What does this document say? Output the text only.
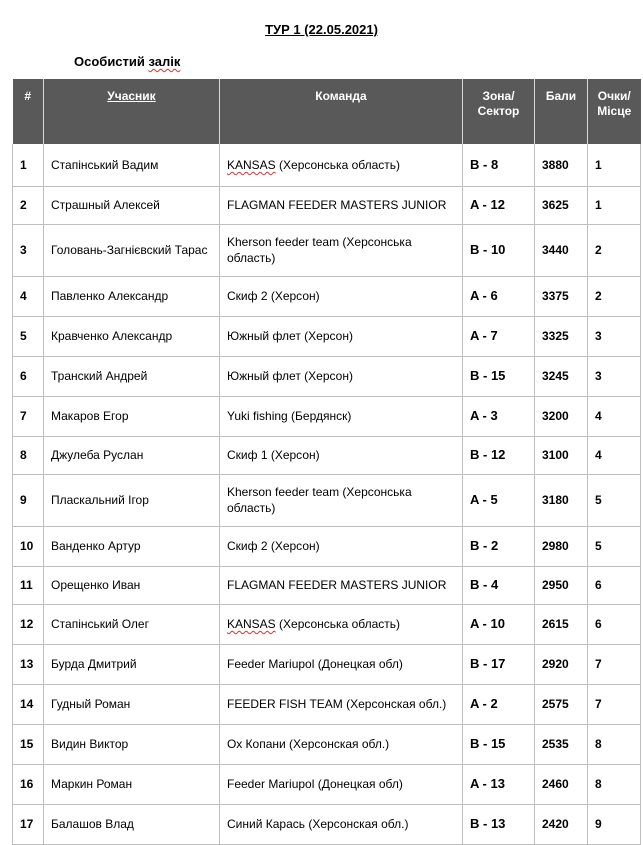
ТУР 1 (22.05.2021)
Особистий залік
#	Учасник	Команда	Зона/ Сектор	Бали	Очки/ Місце
1	Стапінський Вадим	KANSAS (Херсонська область)	B - 8	3880	1
2	Страшный Алексей	FLAGMAN FEEDER MASTERS JUNIOR	A - 12	3625	1
3	Головань-Загнієвский Тарас	Kherson feeder team (Херсонська область)	B - 10	3440	2
4	Павленко Александр	Скиф 2 (Херсон)	A - 6	3375	2
5	Кравченко Александр	Южный флет (Херсон)	A - 7	3325	3
6	Транский Андрей	Южный флет (Херсон)	B - 15	3245	3
7	Макаров Егор	Yuki fishing (Бердянск)	A - 3	3200	4
8	Джулеба Руслан	Скиф 1 (Херсон)	B - 12	3100	4
9	Пласкальний Ігор	Kherson feeder team (Херсонська область)	A - 5	3180	5
10	Ванденко Артур	Скиф 2 (Херсон)	B - 2	2980	5
11	Орещенко Иван	FLAGMAN FEEDER MASTERS JUNIOR	B - 4	2950	6
12	Стапінський Олег	KANSAS (Херсонська область)	A - 10	2615	6
13	Бурда Дмитрий	Feeder Mariupol (Донецкая обл)	B - 17	2920	7
14	Гудный Роман	FEEDER FISH TEAM (Херсонская обл.)	A - 2	2575	7
15	Видин Виктор	Ох Копани (Херсонская обл.)	B - 15	2535	8
16	Маркин Роман	Feeder Mariupol (Донецкая обл)	A - 13	2460	8
17	Балашов Влад	Синий Карась (Херсонская обл.)	B - 13	2420	9
